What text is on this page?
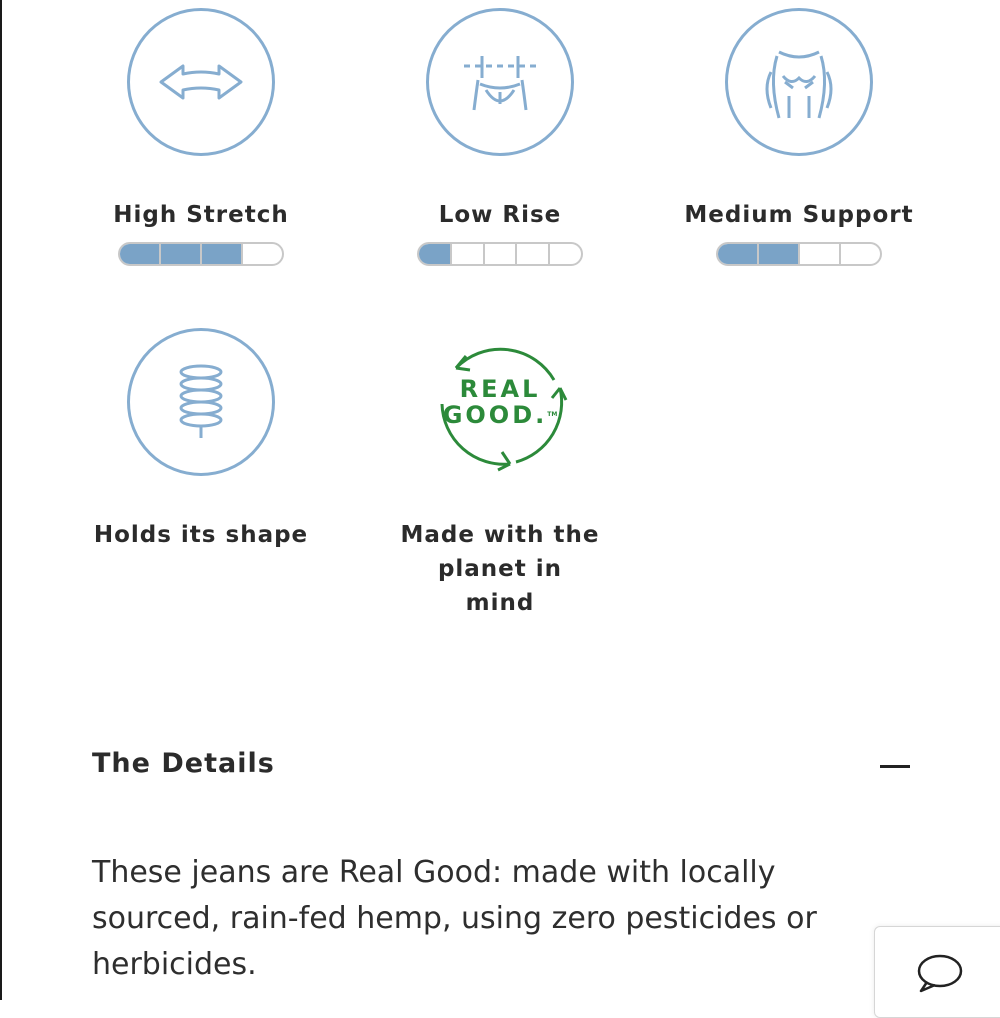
High Stretch	Low Rise	Medium Support
Holds its shape
REAL
GOOD.™
Made with the planet in mind
The Details
These jeans are Real Good: made with locally sourced, rain-fed hemp, using zero pesticides or herbicides.
